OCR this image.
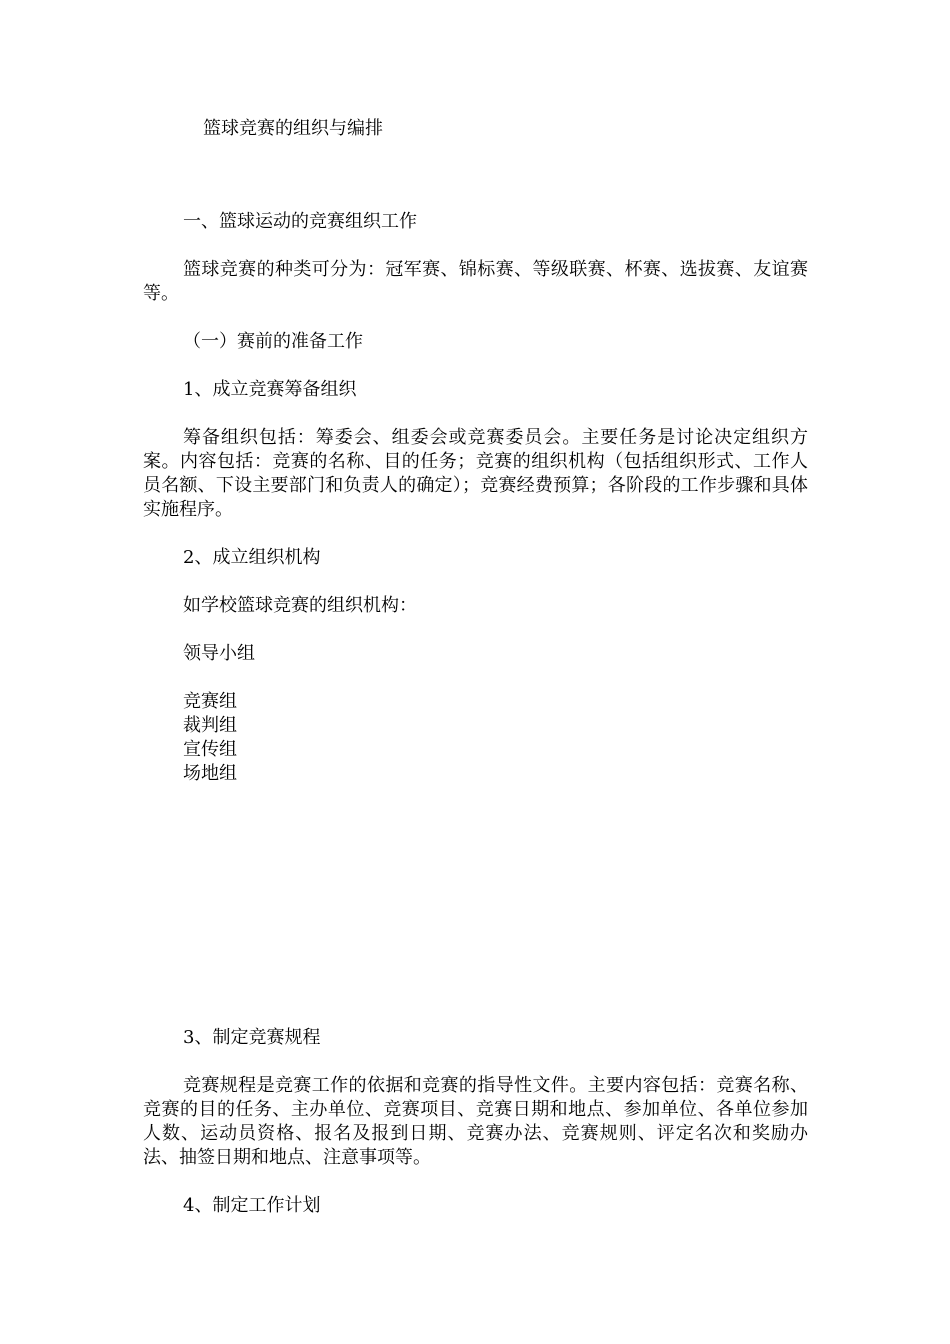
篮球竞赛的组织与编排
一、篮球运动的竞赛组织工作
篮球竞赛的种类可分为：冠军赛、锦标赛、等级联赛、杯赛、选拔赛、友谊赛等。
（一）赛前的准备工作
1、成立竞赛筹备组织
筹备组织包括：筹委会、组委会或竞赛委员会。主要任务是讨论决定组织方案。内容包括：竞赛的名称、目的任务；竞赛的组织机构（包括组织形式、工作人员名额、下设主要部门和负责人的确定）；竞赛经费预算；各阶段的工作步骤和具体实施程序。
2、成立组织机构
如学校篮球竞赛的组织机构：
领导小组
竞赛组
裁判组
宣传组
场地组
3、制定竞赛规程
竞赛规程是竞赛工作的依据和竞赛的指导性文件。主要内容包括：竞赛名称、竞赛的目的任务、主办单位、竞赛项目、竞赛日期和地点、参加单位、各单位参加人数、运动员资格、报名及报到日期、竞赛办法、竞赛规则、评定名次和奖励办法、抽签日期和地点、注意事项等。
4、制定工作计划
